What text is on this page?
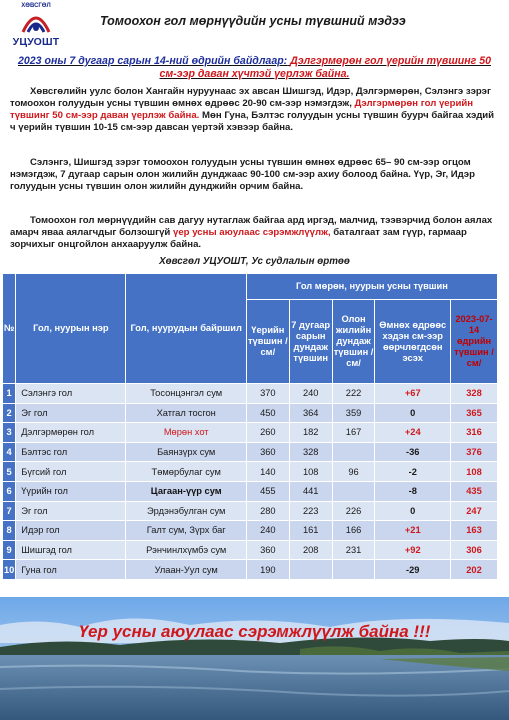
ХӨВСГӨЛ
УЦУОШТ
Томоохон гол мөрнүүдийн усны түвшний мэдээ
2023 оны 7 дугаар сарын 14-ний өдрийн байдлаар: Дэлгэрмөрөн гол үерийн түвшинг 50 см-ээр даван хүчтэй үерлэж байна.
Хөвсгөлийн уулс болон Хангайн нуруунаас эх авсан Шишгэд, Идэр, Дэлгэрмөрөн, Сэлэнгэ зэрэг томоохон голуудын усны түвшин өмнөх өдрөөс 20-90 см-ээр нэмэгдэж, Дэлгэрмөрөн гол үерийн түвшинг 50 см-ээр даван үерлэж байна. Мөн Гуна, Бэлтэс голуудын усны түвшин буурч байгаа хэдий ч үерийн түвшин 10-15 см-ээр давсан үертэй хэвээр байна.
Сэлэнгэ, Шишгэд зэрэг томоохон голуудын усны түвшин өмнөх өдрөөс 65– 90 см-ээр огцом нэмэгдэж, 7 дугаар сарын олон жилийн дунджаас 90-100 см-ээр ахиу болоод байна. Үүр, Эг, Идэр голуудын усны түвшин олон жилийн дунджийн орчим байна.
Томоохон гол мөрнүүдийн сав дагуу нутаглаж байгаа ард иргэд, малчид, тээвэрчид болон аялах амарч яваа аялагчдыг болзошгүй үер усны аюулаас сэрэмжлүүлж, баталгаат зам гүүр, гармаар зорчихыг онцгойлон анхааруулж байна.
Хөвсгөл УЦУОШТ, Ус судлалын өртөө
№	Гол, нуурын нэр	Гол, нуурудын байршил	Гол мөрөн, нуурын усны түвшин				
			Үерийн түвшин /см/	7 дугаар сарын дундаж түвшин	Олон жилийн дундаж түвшин /см/	Өмнөх өдрөөс хэдэн см-ээр өөрчлөгдсөн эсэх	2023-07-14 өдрийн түвшин /см/
1	Сэлэнгэ гол	Тосонцэнгэл сум	370	240	222	+67	328
2	Эг гол	Хатгал тосгон	450	364	359	0	365
3	Дэлгэрмөрөн гол	Мөрөн хот	260	182	167	+24	316
4	Бэлтэс гол	Баянзүрх сум	360	328		-36	376
5	Бүгсий гол	Төмөрбулаг сум	140	108	96	-2	108
6	Үүрийн гол	Цагаан-үүр сум	455	441		-8	435
7	Эг гол	Эрдэнэбулган сум	280	223	226	0	247
8	Идэр гол	Галт сум, Зүрх баг	240	161	166	+21	163
9	Шишгэд гол	Рэнчинлхүмбэ сум	360	208	231	+92	306
10	Гуна гол	Улаан-Уул сум	190			-29	202
Үер усны аюулаас сэрэмжлүүлж байна !!!
